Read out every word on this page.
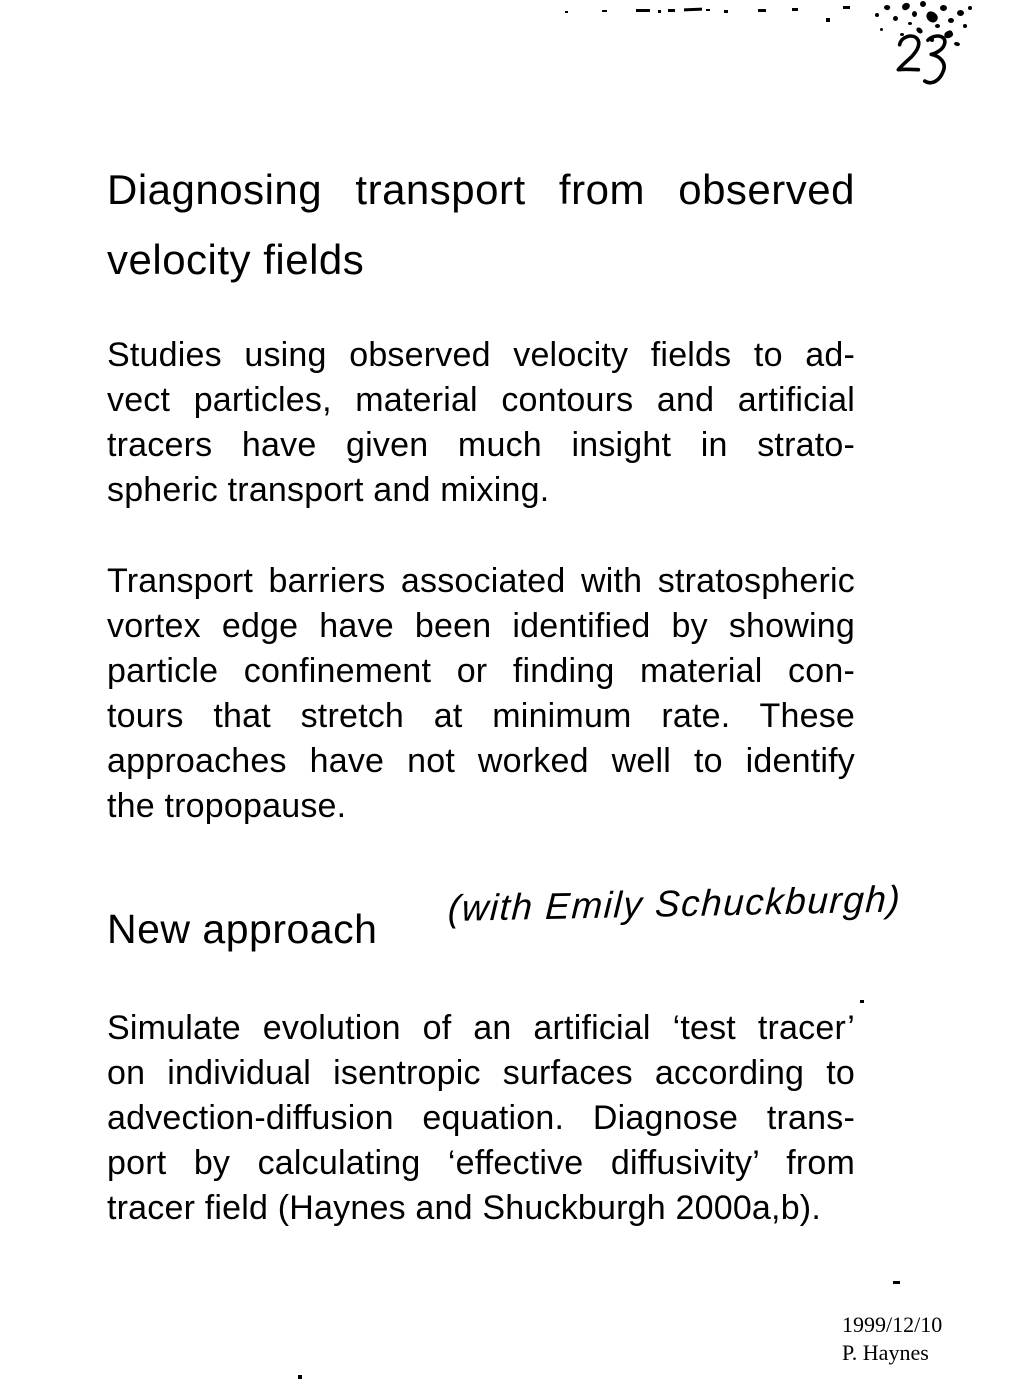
Diagnosing transport from observed
velocity fields
Studies using observed velocity fields to ad-
vect particles, material contours and artificial
tracers have given much insight in strato-
spheric transport and mixing.
Transport barriers associated with stratospheric
vortex edge have been identified by showing
particle confinement or finding material con-
tours that stretch at minimum rate. These
approaches have not worked well to identify
the tropopause.
New approach (with Emily Schuckburgh)
Simulate evolution of an artificial ‘test tracer’
on individual isentropic surfaces according to
advection-diffusion equation. Diagnose trans-
port by calculating ‘effective diffusivity’ from
tracer field (Haynes and Shuckburgh 2000a,b).
1999/12/10
P. Haynes
